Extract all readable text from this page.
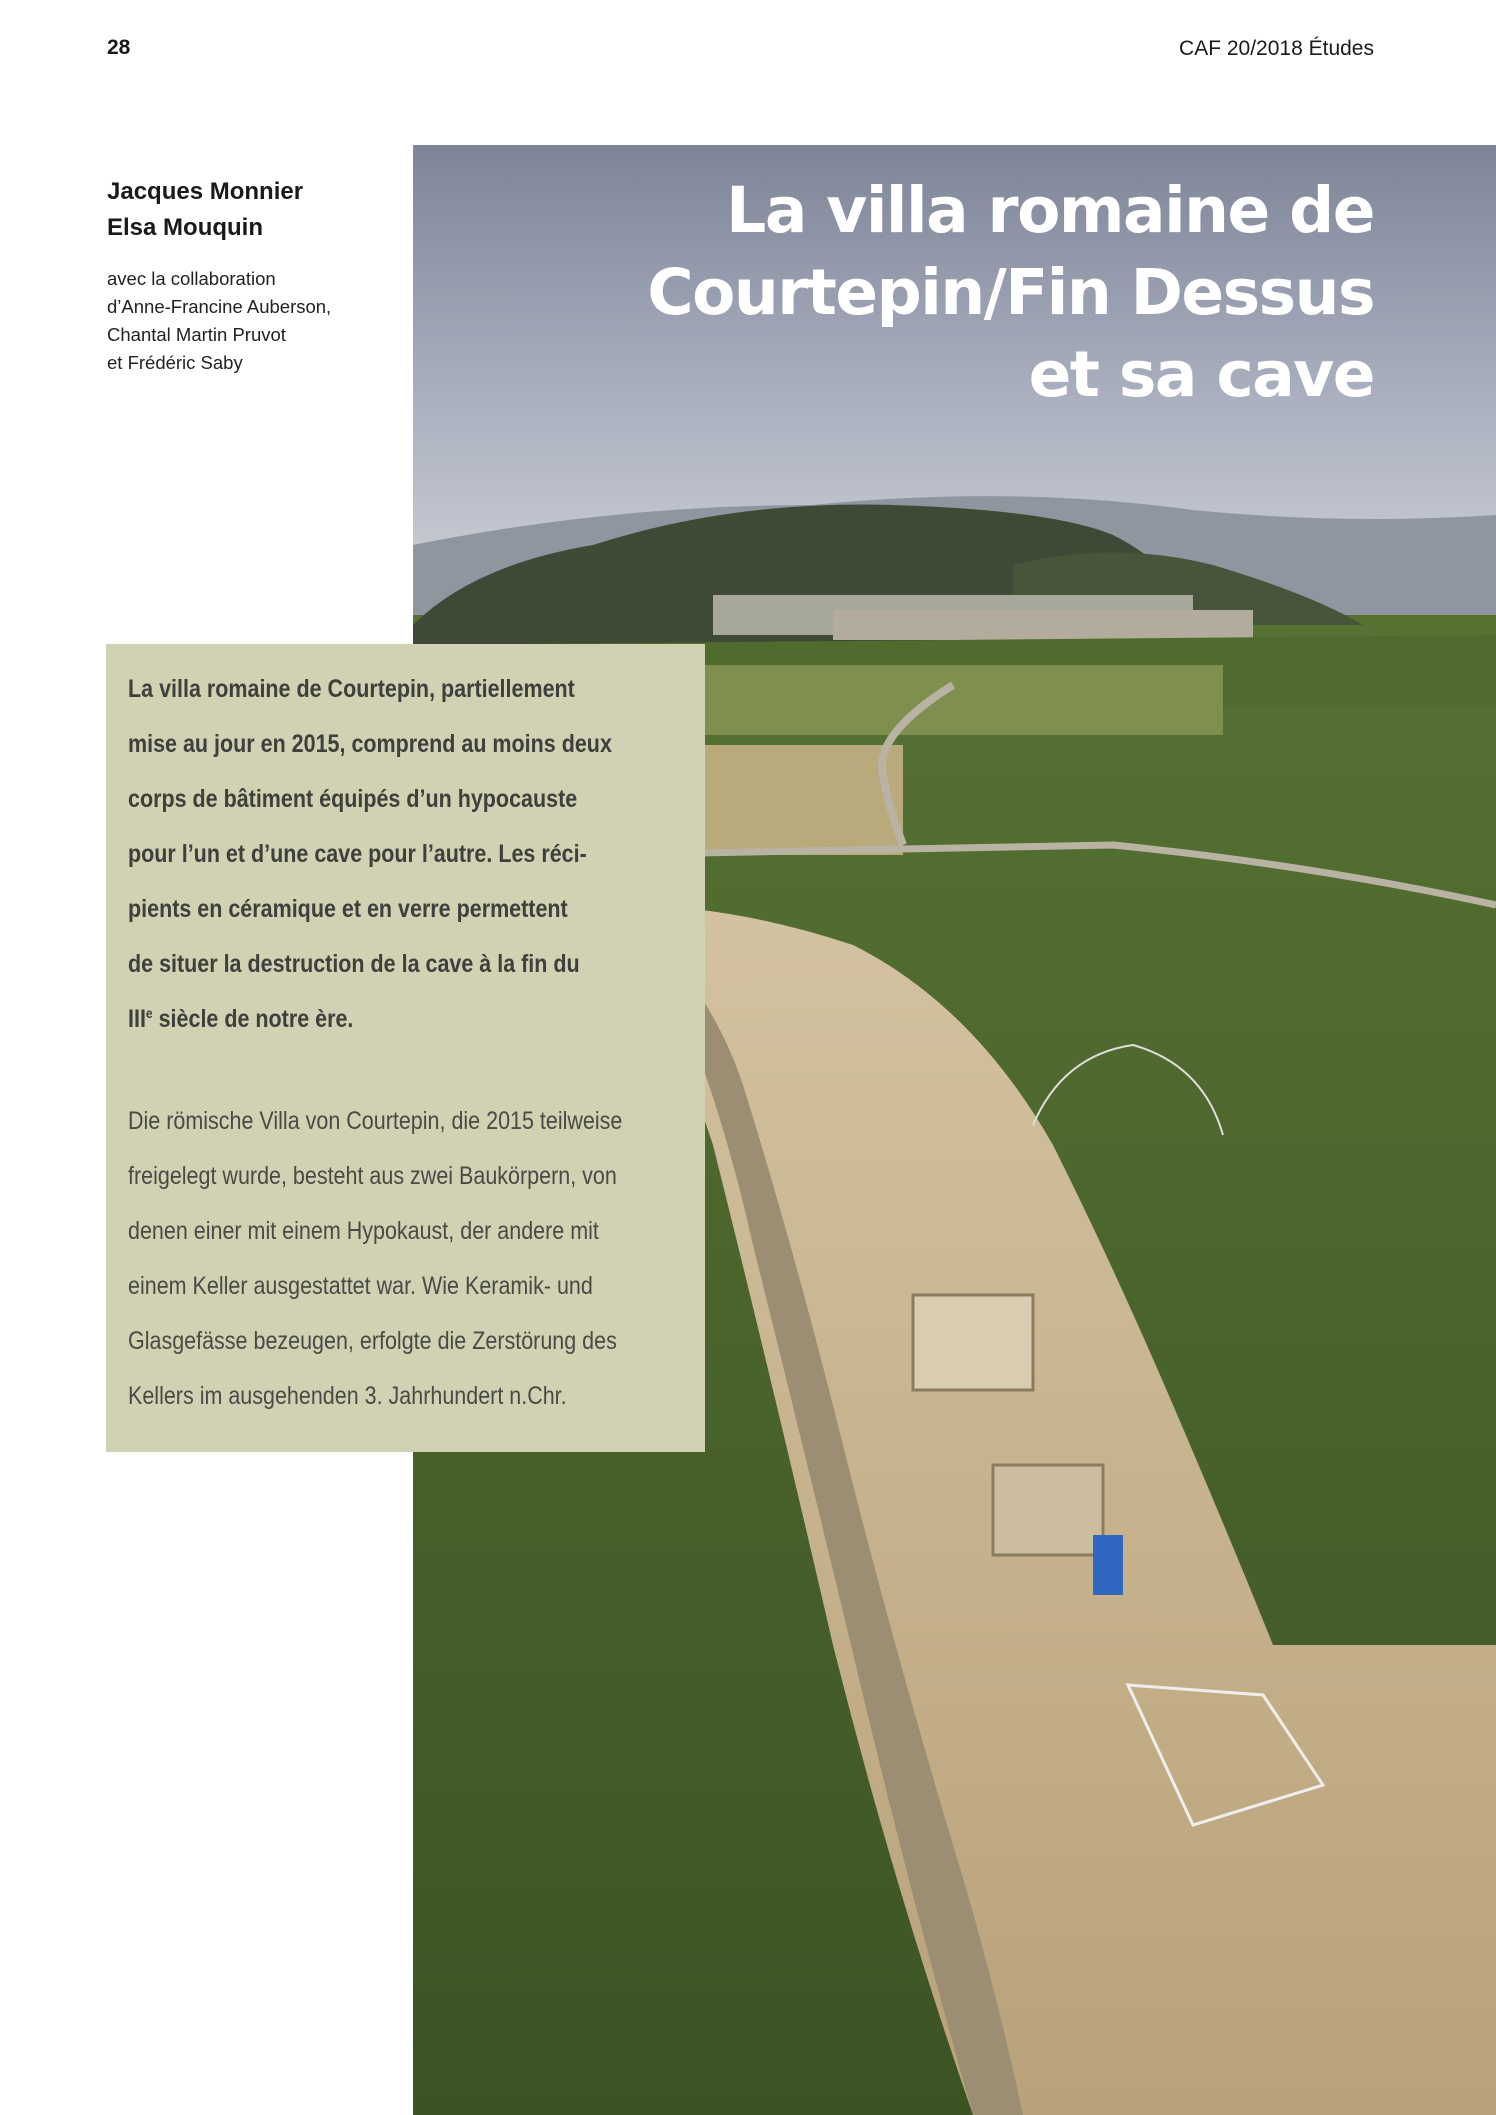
28	CAF 20/2018 Études

Jacques Monnier

Elsa Mouquin

avec la collaboration
d’Anne-Francine Auberson,
Chantal Martin Pruvot
et Frédéric Saby
La villa romaine de
Courtepin/Fin Dessus
et sa cave
La villa romaine de Courtepin, partiellement
mise au jour en 2015, comprend au moins deux
corps de bâtiment équipés d’un hypocauste
pour l’un et d’une cave pour l’autre. Les réci-
pients en céramique et en verre permettent
de situer la destruction de la cave à la fin du
IIIe siècle de notre ère.
Die römische Villa von Courtepin, die 2015 teilweise
freigelegt wurde, besteht aus zwei Baukörpern, von
denen einer mit einem Hypokaust, der andere mit
einem Keller ausgestattet war. Wie Keramik- und
Glasgefässe bezeugen, erfolgte die Zerstörung des
Kellers im ausgehenden 3. Jahrhundert n.Chr.
